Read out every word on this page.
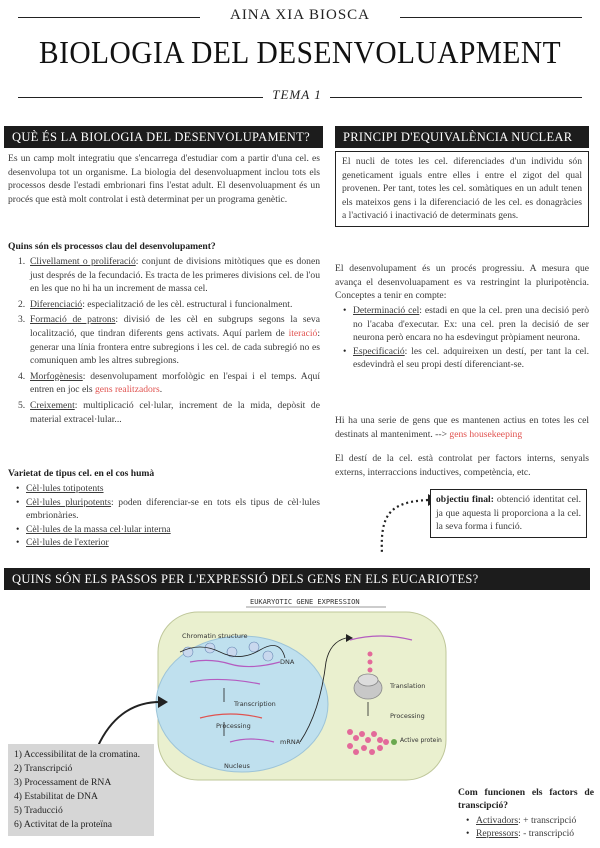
AINA XIA BIOSCA
BIOLOGIA DEL DESENVOLUAPMENT
TEMA 1
QUÈ ÉS LA BIOLOGIA DEL DESENVOLUPAMENT?
Es un camp molt integratiu que s'encarrega d'estudiar com a partir d'una cel. es desenvolupa tot un organisme. La biologia del desenvoluapment inclou tots els processos desde l'estadi embrionari fins l'estat adult. El desenvoluapment és un procés que està molt controlat i està determinat per un programa genètic.
Quins són els processos clau del desenvolupament?
1. Clivellament o proliferació: conjunt de divisions mitòtiques que es donen just després de la fecundació. Es tracta de les primeres divisions cel. de l'ou en les que no hi ha un increment de massa cel.
2. Diferenciació: especialització de les cèl. estructural i funcionalment.
3. Formació de patrons: divisió de les cèl en subgrups segons la seva localització, que tindran diferents gens activats. Aquí parlem de iteració: generar una línia frontera entre subregions i les cel. de cada subregió no es comuniquen amb les altres subregions.
4. Morfogènesis: desenvolupament morfològic en l'espai i el temps. Aquí entren en joc els gens realitzadors.
5. Creixement: multiplicació cel·lular, increment de la mida, depòsit de material extracel·lular...
Varietat de tipus cel. en el cos humà
• Cèl·lules totipotents
• Cèl·lules pluripotents: poden diferenciar-se en tots els tipus de cèl·lules embrionàries.
• Cèl·lules de la massa cel·lular interna
• Cèl·lules de l'exterior
PRINCIPI D'EQUIVALÈNCIA NUCLEAR
El nucli de totes les cel. diferenciades d'un individu són geneticament iguals entre elles i entre el zigot del qual provenen. Per tant, totes les cel. somàtiques en un adult tenen els mateixos gens i la diferenciació de les cel. es donagràcies a l'activació i inactivació de determinats gens.
El desenvolupament és un procés progressiu. A mesura que avança el desenvoluapament es va restringint la pluripotència. Conceptes a tenir en compte:
• Determinació cel: estadi en que la cel. pren una decisió però no l'acaba d'executar. Ex: una cel. pren la decisió de ser neurona però encara no ha esdevingut pròpiament neurona.
• Especificació: les cel. adquireixen un destí, per tant la cel. esdevindrà el seu propi destí diferenciant-se.
Hi ha una serie de gens que es mantenen actius en totes les cel destinats al manteniment. --> gens housekeeping
El destí de la cel. està controlat per factors interns, senyals externs, interraccions inductives, competència, etc.
objectiu final: obtenció identitat cel. ja que aquesta li proporciona a la cel. la seva forma i funció.
QUINS SÓN ELS PASSOS PER L'EXPRESSIÓ DELS GENS EN ELS EUCARIOTES?
EUKARYOTIC GENE EXPRESSION
Chromatin structure
DNA
Transcription
Processing
mRNA
Nucleus
Translation
Processing
Active protein
1) Accessibilitat de la cromatina.
2) Transcripció
3) Processament de RNA
4) Estabilitat de DNA
5) Traducció
6) Activitat de la proteïna
Com funcionen els factors de transcipció?
• Activadors: + transcripció
• Repressors: - transcripció
